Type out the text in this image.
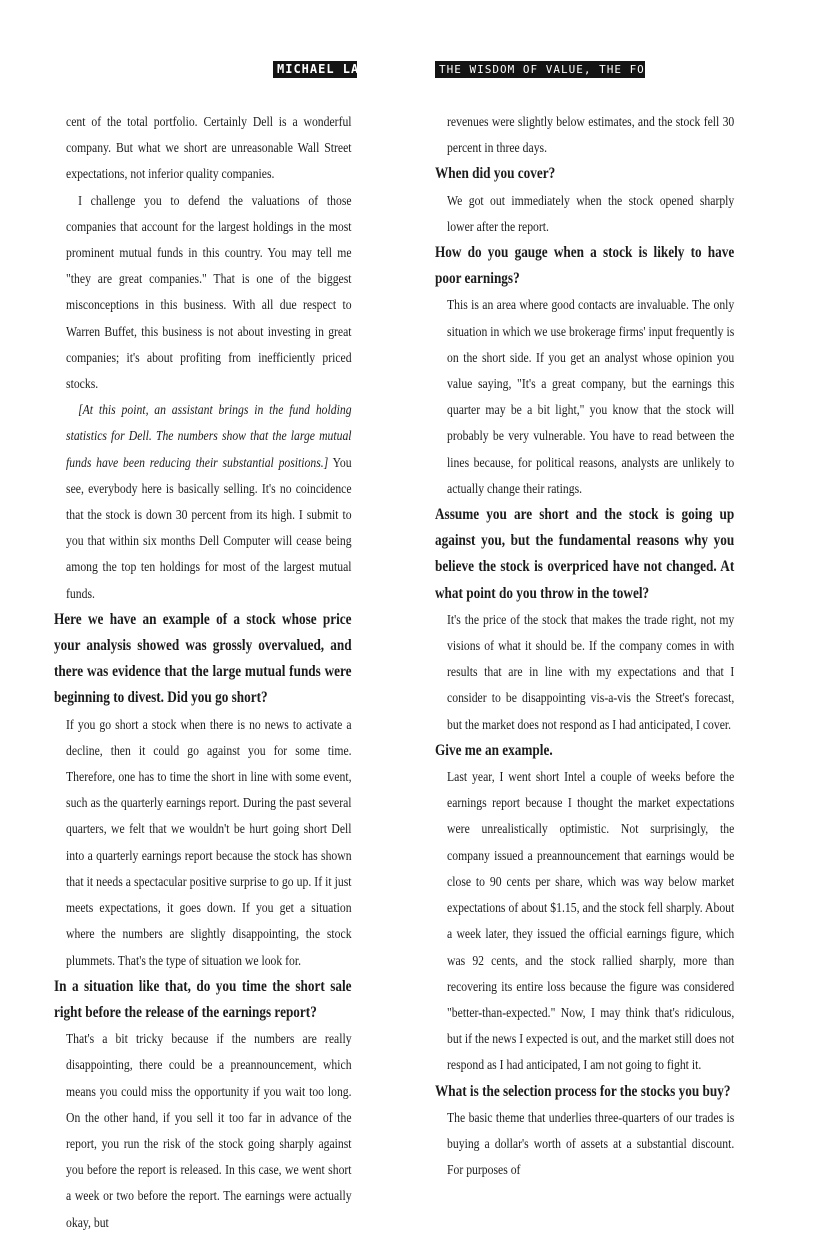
MICHAEL LAUER	THE WISDOM OF VALUE, THE FOLLY OF FAD

cent of the total portfolio. Certainly Dell is a wonderful company. But what we short are unreasonable Wall Street expectations, not inferior quality companies.

I challenge you to defend the valuations of those companies that account for the largest holdings in the most prominent mutual funds in this country. You may tell me "they are great companies." That is one of the biggest misconceptions in this business. With all due respect to Warren Buffet, this business is not about investing in great companies; it's about profiting from inefficiently priced stocks.

[At this point, an assistant brings in the fund holding statistics for Dell. The numbers show that the large mutual funds have been reducing their substantial positions.] You see, everybody here is basically selling. It's no coincidence that the stock is down 30 percent from its high. I submit to you that within six months Dell Computer will cease being among the top ten holdings for most of the largest mutual funds.

Here we have an example of a stock whose price your analysis showed was grossly overvalued, and there was evidence that the large mutual funds were beginning to divest. Did you go short?

If you go short a stock when there is no news to activate a decline, then it could go against you for some time. Therefore, one has to time the short in line with some event, such as the quarterly earnings report. During the past several quarters, we felt that we wouldn't be hurt going short Dell into a quarterly earnings report because the stock has shown that it needs a spectacular positive surprise to go up. If it just meets expectations, it goes down. If you get a situation where the numbers are slightly disappointing, the stock plummets. That's the type of situation we look for.

In a situation like that, do you time the short sale right before the release of the earnings report?

That's a bit tricky because if the numbers are really disappointing, there could be a preannouncement, which means you could miss the opportunity if you wait too long. On the other hand, if you sell it too far in advance of the report, you run the risk of the stock going sharply against you before the report is released. In this case, we went short a week or two before the report. The earnings were actually okay, but

revenues were slightly below estimates, and the stock fell 30 percent in three days.

When did you cover?

We got out immediately when the stock opened sharply lower after the report.

How do you gauge when a stock is likely to have poor earnings?

This is an area where good contacts are invaluable. The only situation in which we use brokerage firms' input frequently is on the short side. If you get an analyst whose opinion you value saying, "It's a great company, but the earnings this quarter may be a bit light," you know that the stock will probably be very vulnerable. You have to read between the lines because, for political reasons, analysts are unlikely to actually change their ratings.

Assume you are short and the stock is going up against you, but the fundamental reasons why you believe the stock is overpriced have not changed. At what point do you throw in the towel?

It's the price of the stock that makes the trade right, not my visions of what it should be. If the company comes in with results that are in line with my expectations and that I consider to be disappointing vis-a-vis the Street's forecast, but the market does not respond as I had anticipated, I cover.

Give me an example.

Last year, I went short Intel a couple of weeks before the earnings report because I thought the market expectations were unrealistically optimistic. Not surprisingly, the company issued a preannouncement that earnings would be close to 90 cents per share, which was way below market expectations of about $1.15, and the stock fell sharply. About a week later, they issued the official earnings figure, which was 92 cents, and the stock rallied sharply, more than recovering its entire loss because the figure was considered "better-than-expected." Now, I may think that's ridiculous, but if the news I expected is out, and the market still does not respond as I had anticipated, I am not going to fight it.

What is the selection process for the stocks you buy?

The basic theme that underlies three-quarters of our trades is buying a dollar's worth of assets at a substantial discount. For purposes of
